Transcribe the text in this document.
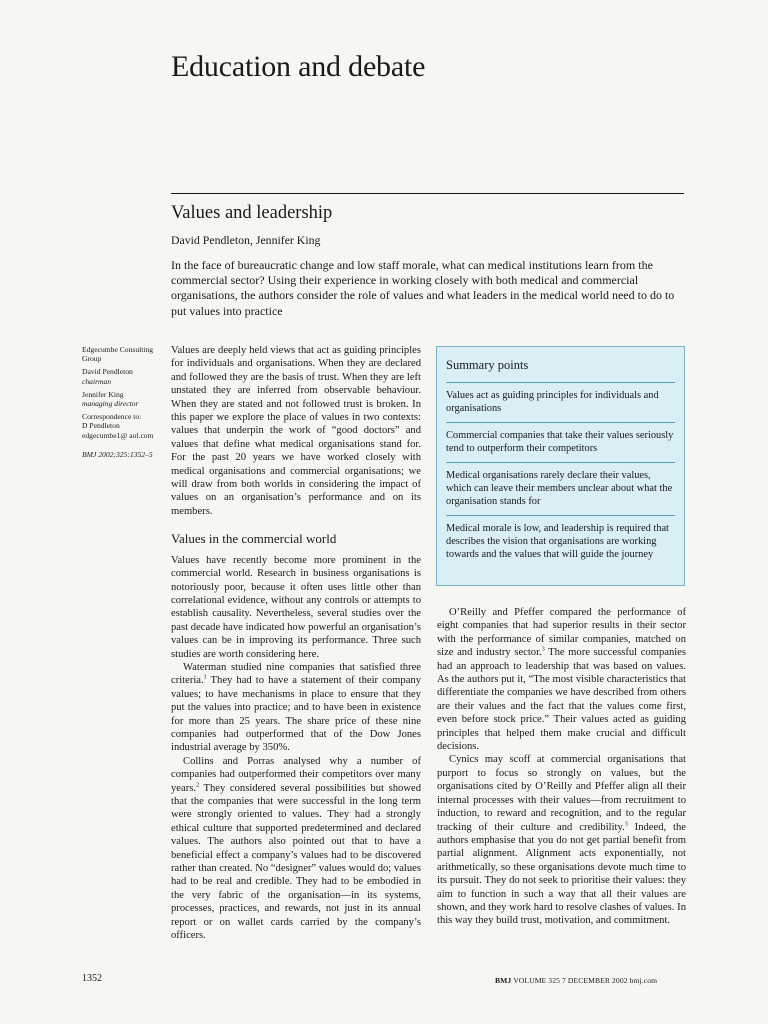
Education and debate
Values and leadership
David Pendleton, Jennifer King
In the face of bureaucratic change and low staff morale, what can medical institutions learn from the commercial sector? Using their experience in working closely with both medical and commercial organisations, the authors consider the role of values and what leaders in the medical world need to do to put values into practice

Edgecumbe Consulting Group

David Pendleton
chairman

Jennifer King
managing director

Correspondence to:
D Pendleton
edgecumbe1@ aol.com

BMJ 2002;325:1352–5

Values are deeply held views that act as guiding principles for individuals and organisations. When they are declared and followed they are the basis of trust. When they are left unstated they are inferred from observable behaviour. When they are stated and not followed trust is broken. In this paper we explore the place of values in two contexts: values that underpin the work of “good doctors” and values that define what medical organisations stand for. For the past 20 years we have worked closely with medical organisations and commercial organisations; we will draw from both worlds in considering the impact of values on an organisation’s performance and on its members.

Values in the commercial world

Values have recently become more prominent in the commercial world. Research in business organisations is notoriously poor, because it often uses little other than correlational evidence, without any controls or attempts to establish causality. Nevertheless, several studies over the past decade have indicated how powerful an organisation’s values can be in improving its performance. Three such studies are worth considering here.

Waterman studied nine companies that satisfied three criteria.$^1$ They had to have a statement of their company values; to have mechanisms in place to ensure that they put the values into practice; and to have been in existence for more than 25 years. The share price of these nine companies had outperformed that of the Dow Jones industrial average by 350%.

Collins and Porras analysed why a number of companies had outperformed their competitors over many years.$^2$ They considered several possibilities but showed that the companies that were successful in the long term were strongly oriented to values. They had a strongly ethical culture that supported predetermined and declared values. The authors also pointed out that to have a beneficial effect a company’s values had to be discovered rather than created. No “designer” values would do; values had to be real and credible. They had to be embodied in the very fabric of the organisation—in its systems, processes, practices, and rewards, not just in its annual report or on wallet cards carried by the company’s officers.

Summary points
Values act as guiding principles for individuals and organisations
Commercial companies that take their values seriously tend to outperform their competitors
Medical organisations rarely declare their values, which can leave their members unclear about what the organisation stands for
Medical morale is low, and leadership is required that describes the vision that organisations are working towards and the values that will guide the journey

O’Reilly and Pfeffer compared the performance of eight companies that had superior results in their sector with the performance of similar companies, matched on size and industry sector.$^3$ The more successful companies had an approach to leadership that was based on values. As the authors put it, “The most visible characteristics that differentiate the companies we have described from others are their values and the fact that the values come first, even before stock price.” Their values acted as guiding principles that helped them make crucial and difficult decisions.

Cynics may scoff at commercial organisations that purport to focus so strongly on values, but the organisations cited by O’Reilly and Pfeffer align all their internal processes with their values—from recruitment to induction, to reward and recognition, and to the regular tracking of their culture and credibility.$^3$ Indeed, the authors emphasise that you do not get partial benefit from partial alignment. Alignment acts exponentially, not arithmetically, so these organisations devote much time to its pursuit. They do not seek to prioritise their values: they aim to function in such a way that all their values are shown, and they work hard to resolve clashes of values. In this way they build trust, motivation, and commitment.

1352	BMJ VOLUME 325 7 DECEMBER 2002 bmj.com
